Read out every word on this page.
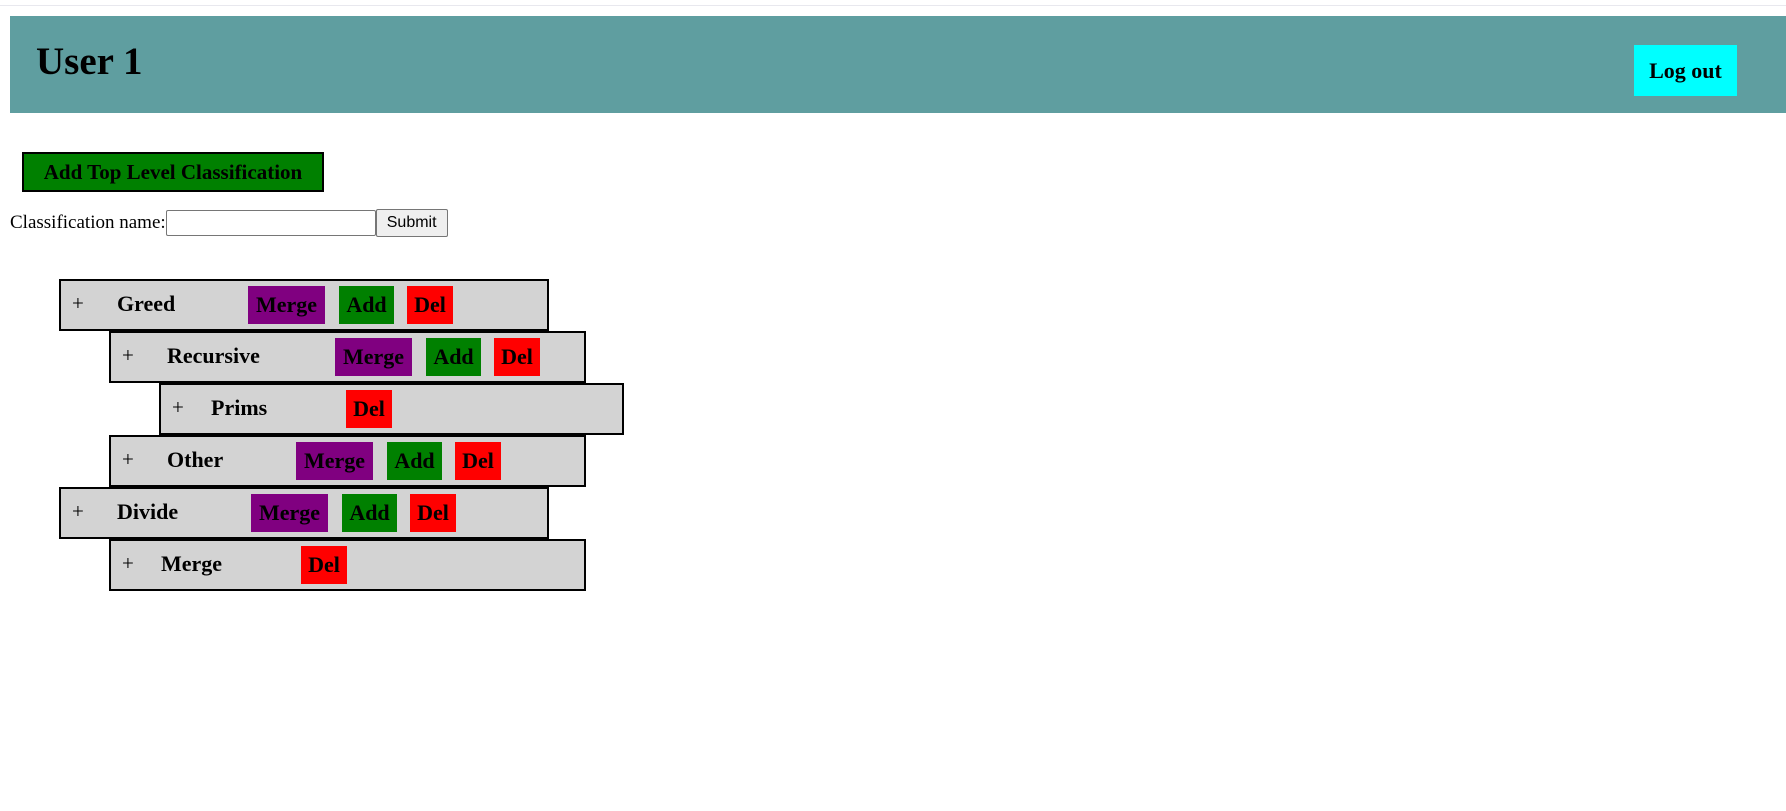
User 1	Log out
Add Top Level Classification
Classification name:	Submit
+ Greed	Merge	Add	Del
+ Recursive	Merge	Add	Del
+ Prims	Del
+ Other	Merge	Add	Del
+ Divide	Merge	Add	Del
+ Merge	Del
